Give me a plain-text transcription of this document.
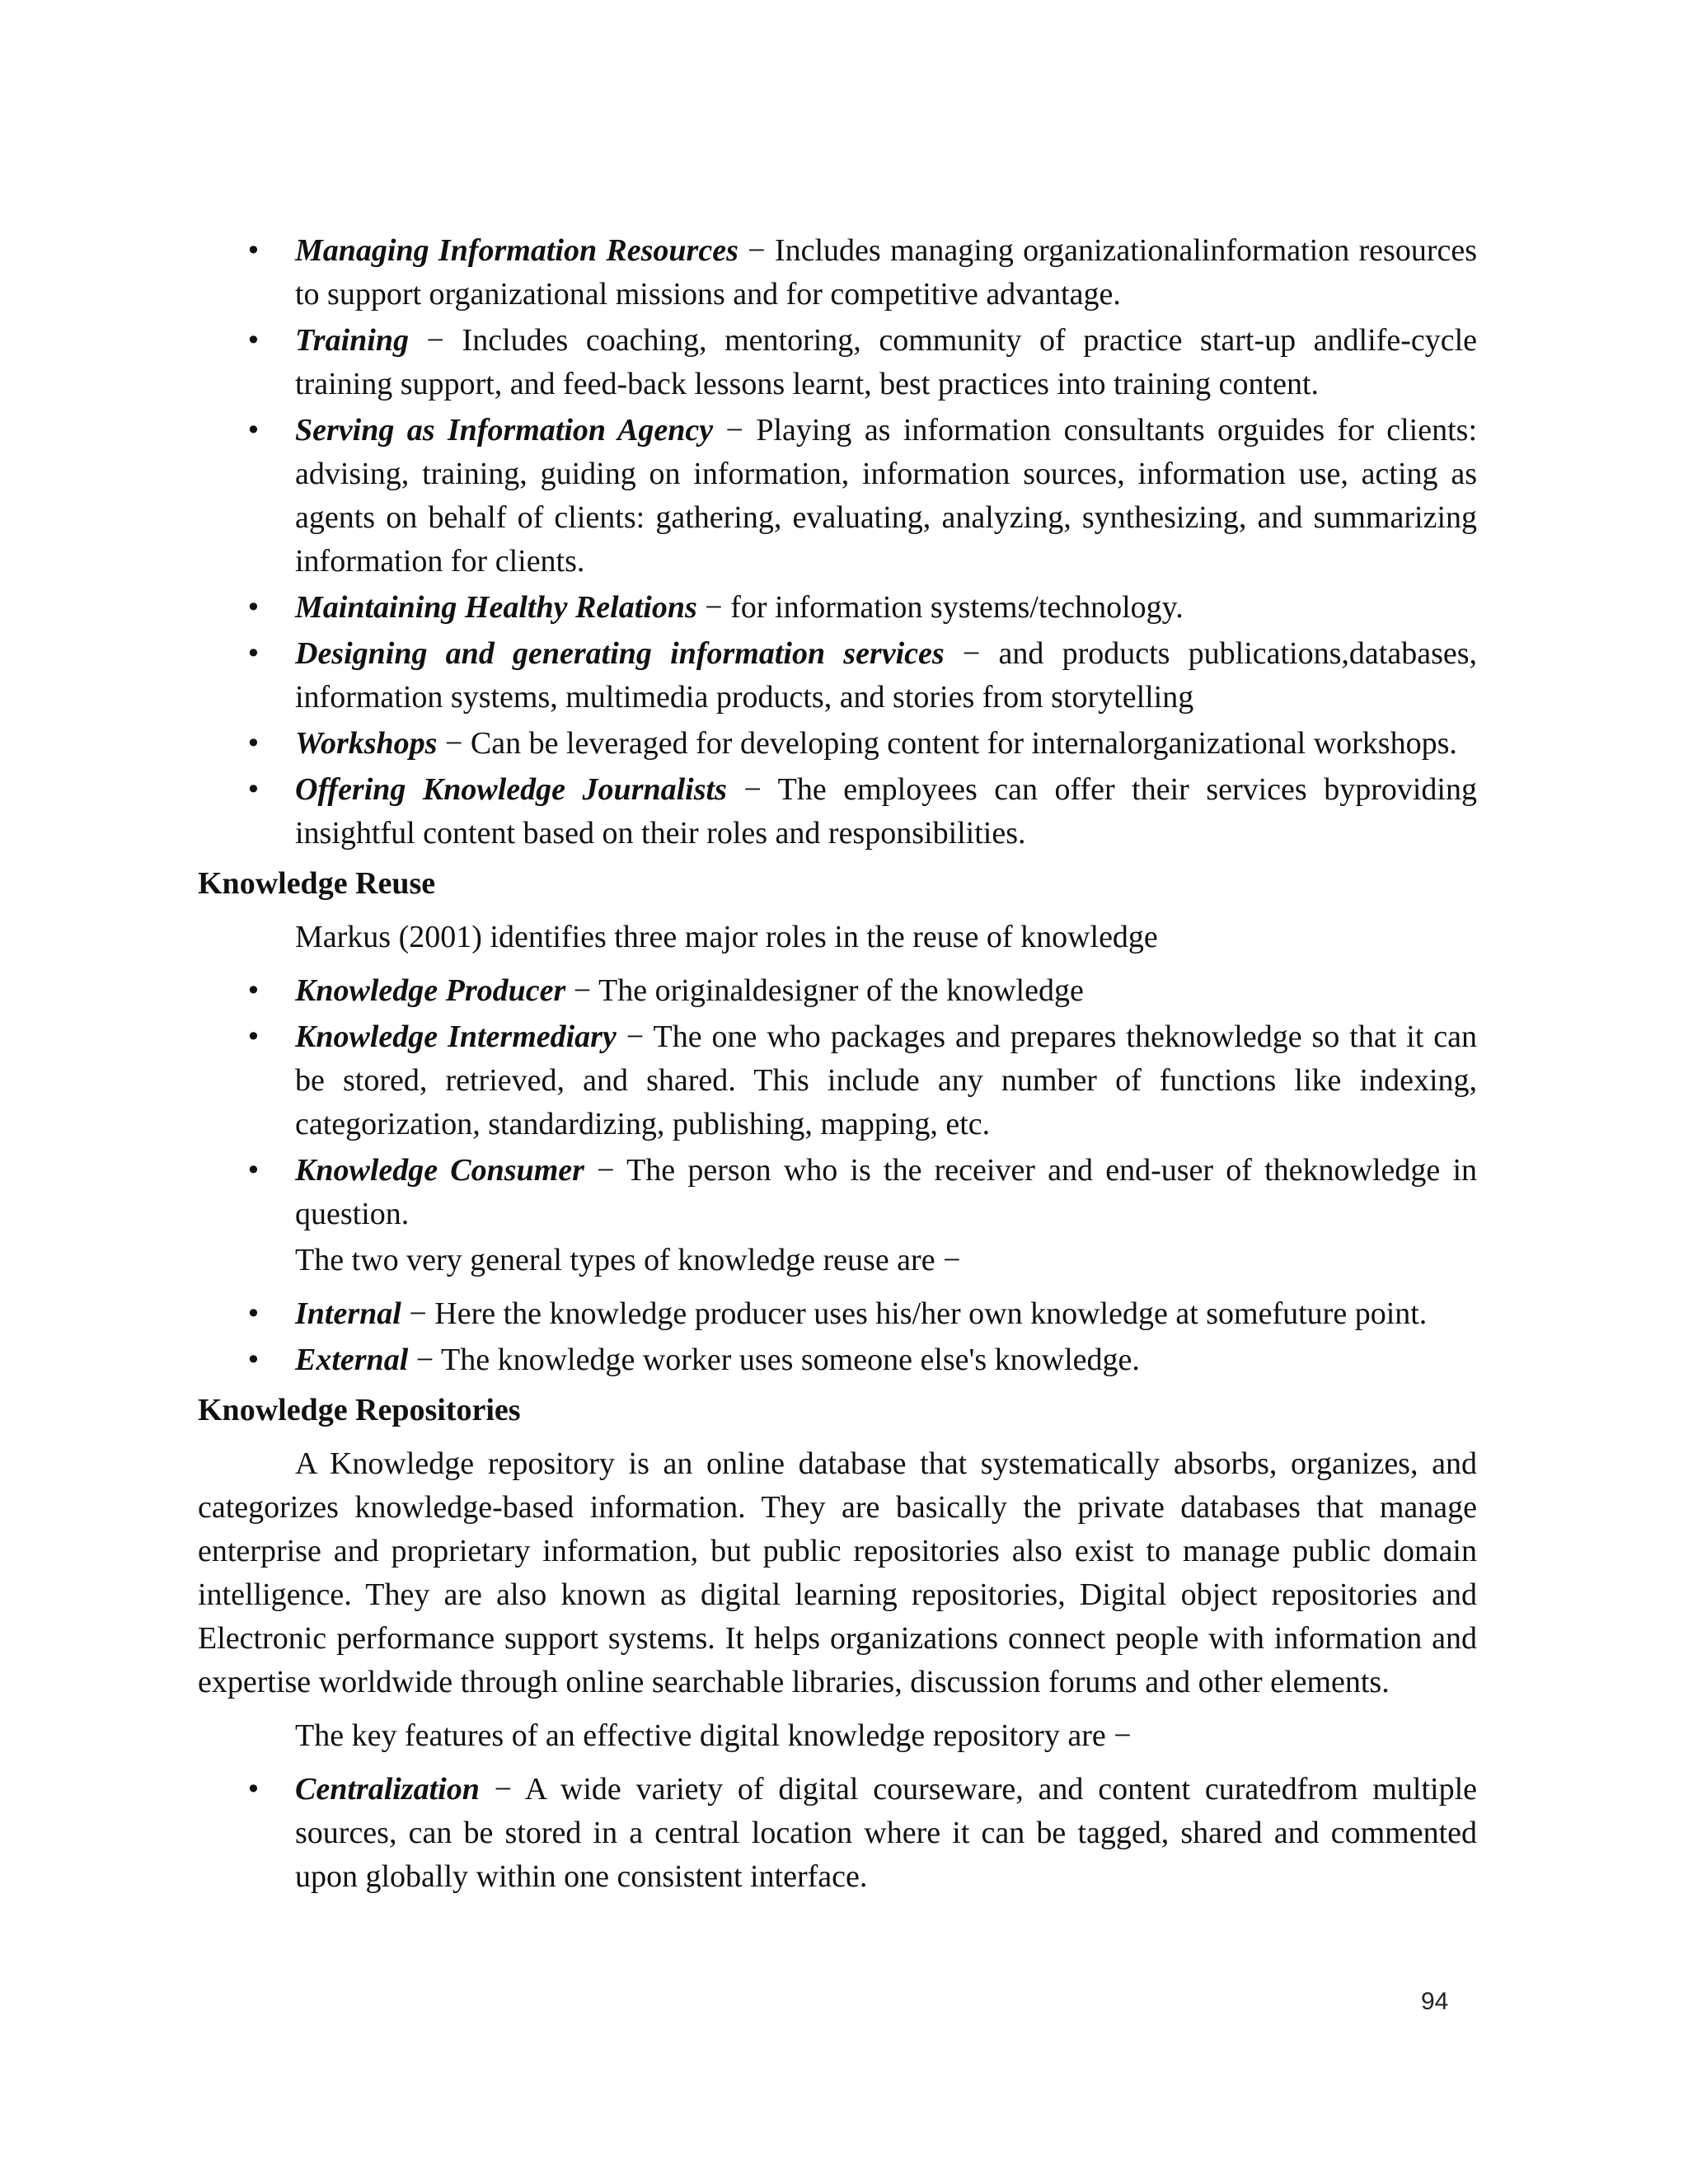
• Managing Information Resources − Includes managing organizationalinformation resources to support organizational missions and for competitive advantage.
• Training − Includes coaching, mentoring, community of practice start-up andlife-cycle training support, and feed-back lessons learnt, best practices into training content.
• Serving as Information Agency − Playing as information consultants orguides for clients: advising, training, guiding on information, information sources, information use, acting as agents on behalf of clients: gathering, evaluating, analyzing, synthesizing, and summarizing information for clients.
• Maintaining Healthy Relations − for information systems/technology.
• Designing and generating information services − and products publications,databases, information systems, multimedia products, and stories from storytelling
• Workshops − Can be leveraged for developing content for internalorganizational workshops.
• Offering Knowledge Journalists − The employees can offer their services byproviding insightful content based on their roles and responsibilities.
Knowledge Reuse
Markus (2001) identifies three major roles in the reuse of knowledge
• Knowledge Producer − The originaldesigner of the knowledge
• Knowledge Intermediary − The one who packages and prepares theknowledge so that it can be stored, retrieved, and shared. This include any number of functions like indexing, categorization, standardizing, publishing, mapping, etc.
• Knowledge Consumer − The person who is the receiver and end-user of theknowledge in question.
The two very general types of knowledge reuse are −
• Internal − Here the knowledge producer uses his/her own knowledge at somefuture point.
• External − The knowledge worker uses someone else's knowledge.
Knowledge Repositories

A Knowledge repository is an online database that systematically absorbs, organizes, and categorizes knowledge-based information. They are basically the private databases that manage enterprise and proprietary information, but public repositories also exist to manage public domain intelligence. They are also known as digital learning repositories, Digital object repositories and Electronic performance support systems. It helps organizations connect people with information and expertise worldwide through online searchable libraries, discussion forums and other elements.

The key features of an effective digital knowledge repository are −
• Centralization − A wide variety of digital courseware, and content curatedfrom multiple sources, can be stored in a central location where it can be tagged, shared and commented upon globally within one consistent interface.
94
